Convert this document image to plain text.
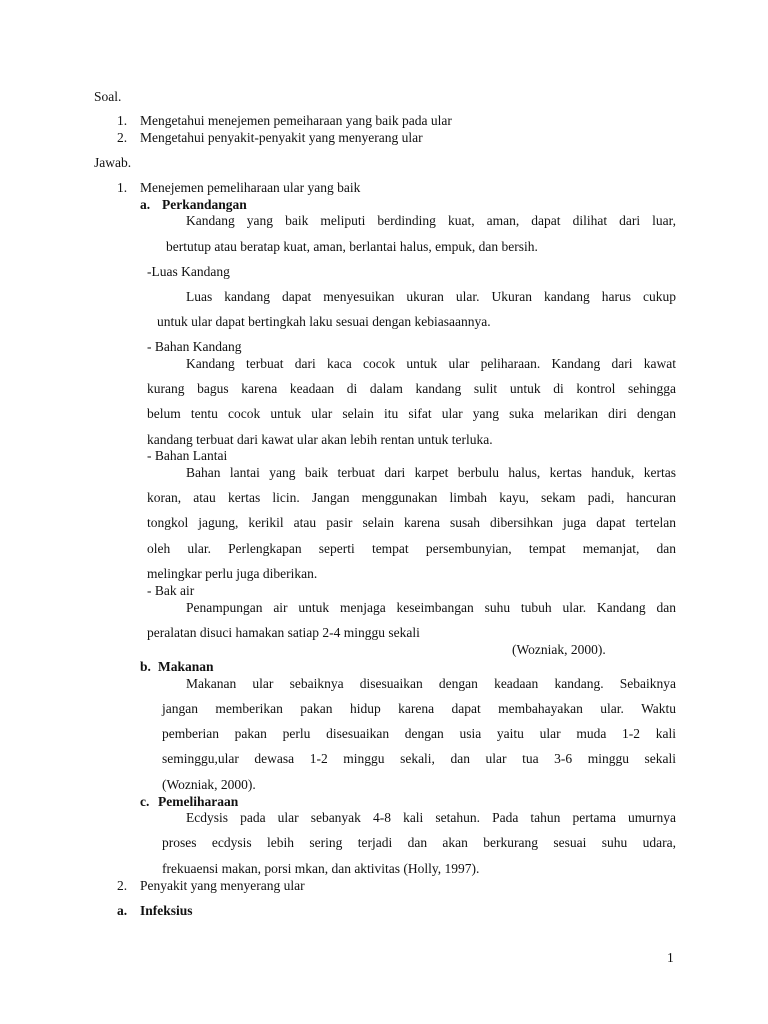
Soal.
1. Mengetahui menejemen pemeiharaan yang baik pada ular
2. Mengetahui penyakit-penyakit yang menyerang ular
Jawab.
1. Menejemen pemeliharaan ular yang baik
a. Perkandangan
Kandang yang baik meliputi berdinding kuat, aman, dapat dilihat dari luar,
bertutup atau beratap kuat, aman, berlantai halus, empuk, dan bersih.
-Luas Kandang
Luas kandang dapat menyesuikan ukuran ular. Ukuran kandang harus cukup
untuk ular dapat bertingkah laku sesuai dengan kebiasaannya.
- Bahan Kandang
Kandang terbuat dari kaca cocok untuk ular peliharaan. Kandang dari kawat
kurang bagus karena keadaan di dalam kandang sulit untuk di kontrol sehingga
belum tentu cocok untuk ular selain itu sifat ular yang suka melarikan diri dengan
kandang terbuat dari kawat ular akan lebih rentan untuk terluka.
- Bahan Lantai
Bahan lantai yang baik terbuat dari karpet berbulu halus, kertas handuk, kertas
koran, atau kertas licin. Jangan menggunakan limbah kayu, sekam padi, hancuran
tongkol jagung, kerikil atau pasir selain karena susah dibersihkan juga dapat tertelan
oleh ular. Perlengkapan seperti tempat persembunyian, tempat memanjat, dan
melingkar perlu juga diberikan.
- Bak air
Penampungan air untuk menjaga keseimbangan suhu tubuh ular. Kandang dan
peralatan disuci hamakan satiap 2-4 minggu sekali
(Wozniak, 2000).
b. Makanan
Makanan ular sebaiknya disesuaikan dengan keadaan kandang. Sebaiknya
jangan memberikan pakan hidup karena dapat membahayakan ular. Waktu
pemberian pakan perlu disesuaikan dengan usia yaitu ular muda 1-2 kali
seminggu,ular dewasa 1-2 minggu sekali, dan ular tua 3-6 minggu sekali
(Wozniak, 2000).
c. Pemeliharaan
Ecdysis pada ular sebanyak 4-8 kali setahun. Pada tahun pertama umurnya
proses ecdysis lebih sering terjadi dan akan berkurang sesuai suhu udara,
frekuaensi makan, porsi mkan, dan aktivitas (Holly, 1997).
2. Penyakit yang menyerang ular
a. Infeksius
1
